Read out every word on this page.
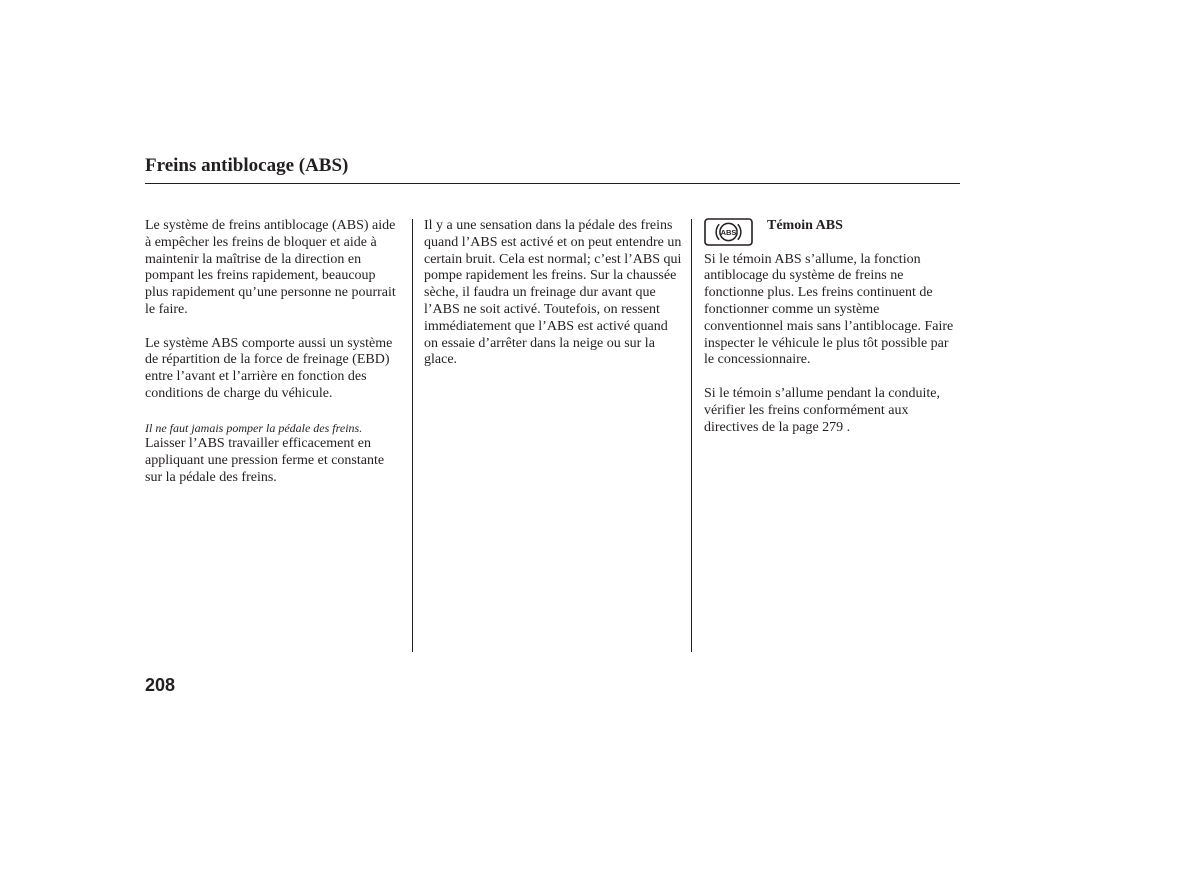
Freins antiblocage (ABS)
Le système de freins antiblocage (ABS) aide
à empêcher les freins de bloquer et aide à
maintenir la maîtrise de la direction en
pompant les freins rapidement, beaucoup
plus rapidement qu’une personne ne pourrait
le faire.
Le système ABS comporte aussi un système
de répartition de la force de freinage (EBD)
entre l’avant et l’arrière en fonction des
conditions de charge du véhicule.
Il ne faut jamais pomper la pédale des freins.
Laisser l’ABS travailler efficacement en
appliquant une pression ferme et constante
sur la pédale des freins.
Il y a une sensation dans la pédale des freins
quand l’ABS est activé et on peut entendre un
certain bruit. Cela est normal; c’est l’ABS qui
pompe rapidement les freins. Sur la chaussée
sèche, il faudra un freinage dur avant que
l’ABS ne soit activé. Toutefois, on ressent
immédiatement que l’ABS est activé quand
on essaie d’arrêter dans la neige ou sur la
glace.
ABS Témoin ABS
Si le témoin ABS s’allume, la fonction
antiblocage du système de freins ne
fonctionne plus. Les freins continuent de
fonctionner comme un système
conventionnel mais sans l’antiblocage. Faire
inspecter le véhicule le plus tôt possible par
le concessionnaire.
Si le témoin s’allume pendant la conduite,
vérifier les freins conformément aux
directives de la page 279 .
208
